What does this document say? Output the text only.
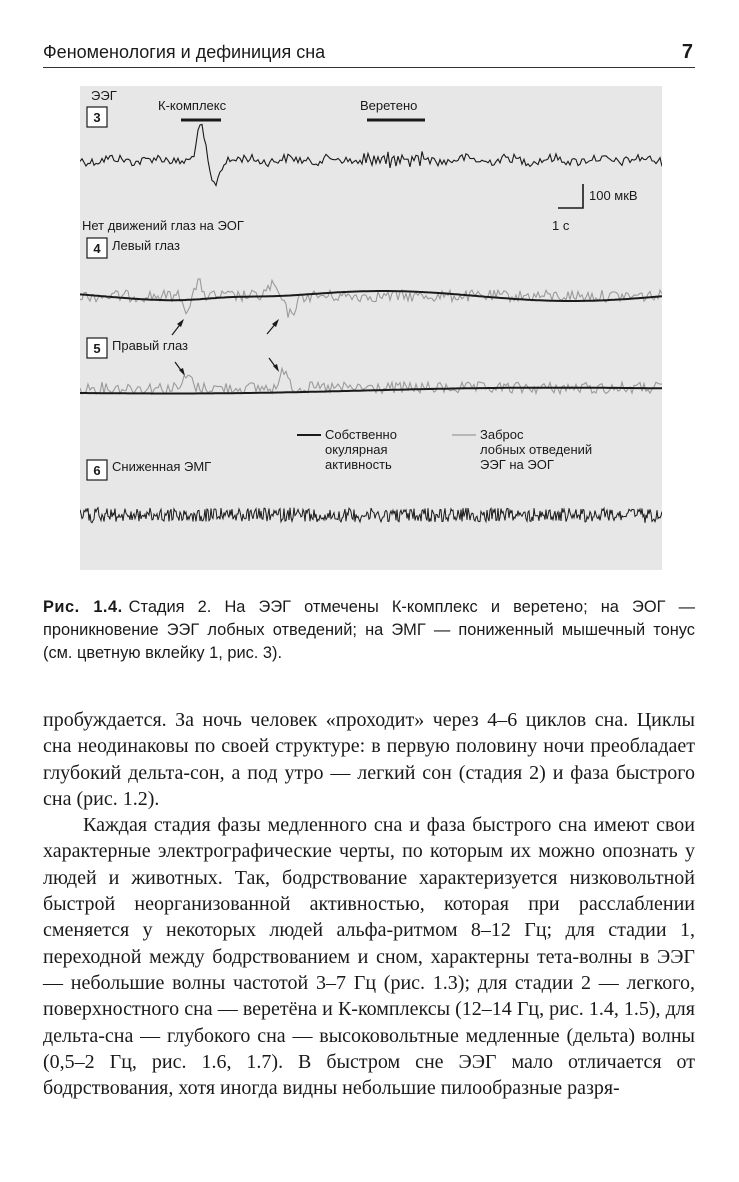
Феноменология и дефиниция сна	7
ЭЭГ
3
К-комплекс	Веретено
100 мкВ
1 с
Нет движений глаз на ЭОГ
4 Левый глаз
5 Правый глаз
Собственно
окулярная
активность
Заброс
лобных отведений
ЭЭГ на ЭОГ
6 Сниженная ЭМГ
Рис. 1.4. Стадия 2. На ЭЭГ отмечены К-комплекс и веретено; на ЭОГ — проникновение ЭЭГ лобных отведений; на ЭМГ — пониженный мышечный тонус (см. цветную вклейку 1, рис. 3).

пробуждается. За ночь человек «проходит» через 4–6 циклов сна. Циклы сна неодинаковы по своей структуре: в первую половину ночи преобладает глубокий дельта-сон, а под утро — легкий сон (стадия 2) и фаза быстрого сна (рис. 1.2).

Каждая стадия фазы медленного сна и фаза быстрого сна имеют свои характерные электрографические черты, по которым их можно опознать у людей и животных. Так, бодрствование характеризуется низковольтной быстрой неорганизованной активностью, которая при расслаблении сменяется у некоторых людей альфа-ритмом 8–12 Гц; для стадии 1, переходной между бодрствованием и сном, характерны тета-волны в ЭЭГ — небольшие волны частотой 3–7 Гц (рис. 1.3); для стадии 2 — легкого, поверхностного сна — веретёна и К-комплексы (12–14 Гц, рис. 1.4, 1.5), для дельта-сна — глубокого сна — высоковольтные медленные (дельта) волны (0,5–2 Гц, рис. 1.6, 1.7). В быстром сне ЭЭГ мало отличается от бодрствования, хотя иногда видны небольшие пилообразные разря-
